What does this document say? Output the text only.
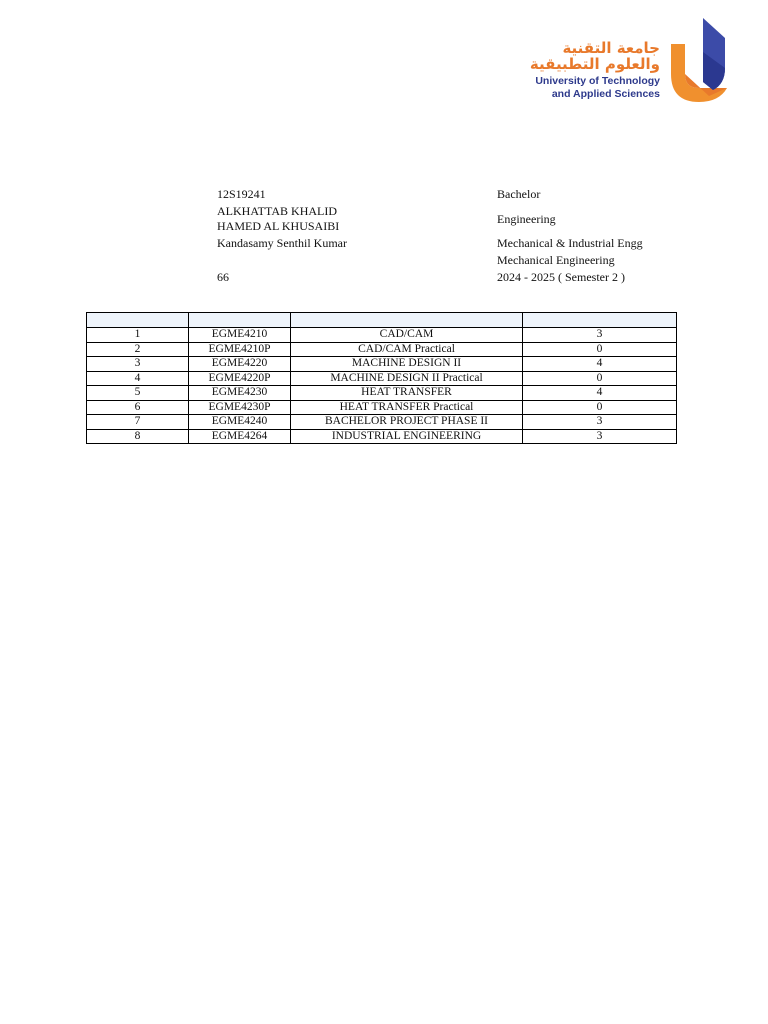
جامعة التقنية
والعلوم التطبيقية
University of Technology
and Applied Sciences
12S19241
ALKHATTAB KHALID
HAMED AL KHUSAIBI
Kandasamy Senthil Kumar
66
Bachelor
Engineering
Mechanical & Industrial Engg
Mechanical Engineering
2024 - 2025 ( Semester 2 )

1	EGME4210	CAD/CAM	3
2	EGME4210P	CAD/CAM Practical	0
3	EGME4220	MACHINE DESIGN II	4
4	EGME4220P	MACHINE DESIGN II Practical	0
5	EGME4230	HEAT TRANSFER	4
6	EGME4230P	HEAT TRANSFER Practical	0
7	EGME4240	BACHELOR PROJECT PHASE II	3
8	EGME4264	INDUSTRIAL ENGINEERING	3
